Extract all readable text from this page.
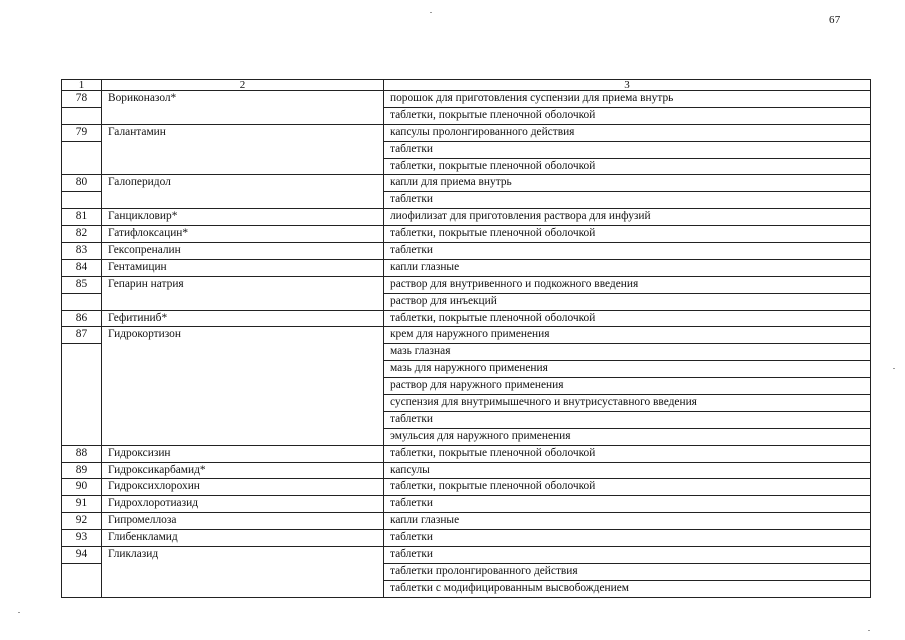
67
1	2	3
78	Вориконазол*	порошок для приготовления суспензии для приема внутрь
		таблетки, покрытые пленочной оболочкой
79	Галантамин	капсулы пролонгированного действия
		таблетки
		таблетки, покрытые пленочной оболочкой
80	Галоперидол	капли для приема внутрь
		таблетки
81	Ганцикловир*	лиофилизат для приготовления раствора для инфузий
82	Гатифлоксацин*	таблетки, покрытые пленочной оболочкой
83	Гексопреналин	таблетки
84	Гентамицин	капли глазные
85	Гепарин натрия	раствор для внутривенного и подкожного введения
		раствор для инъекций
86	Гефитиниб*	таблетки, покрытые пленочной оболочкой
87	Гидрокортизон	крем для наружного применения
		мазь глазная
		мазь для наружного применения
		раствор для наружного применения
		суспензия для внутримышечного и внутрисуставного введения
		таблетки
		эмульсия для наружного применения
88	Гидроксизин	таблетки, покрытые пленочной оболочкой
89	Гидроксикарбамид*	капсулы
90	Гидроксихлорохин	таблетки, покрытые пленочной оболочкой
91	Гидрохлоротиазид	таблетки
92	Гипромеллоза	капли глазные
93	Глибенкламид	таблетки
94	Гликлазид	таблетки
		таблетки пролонгированного действия
		таблетки с модифицированным высвобождением
